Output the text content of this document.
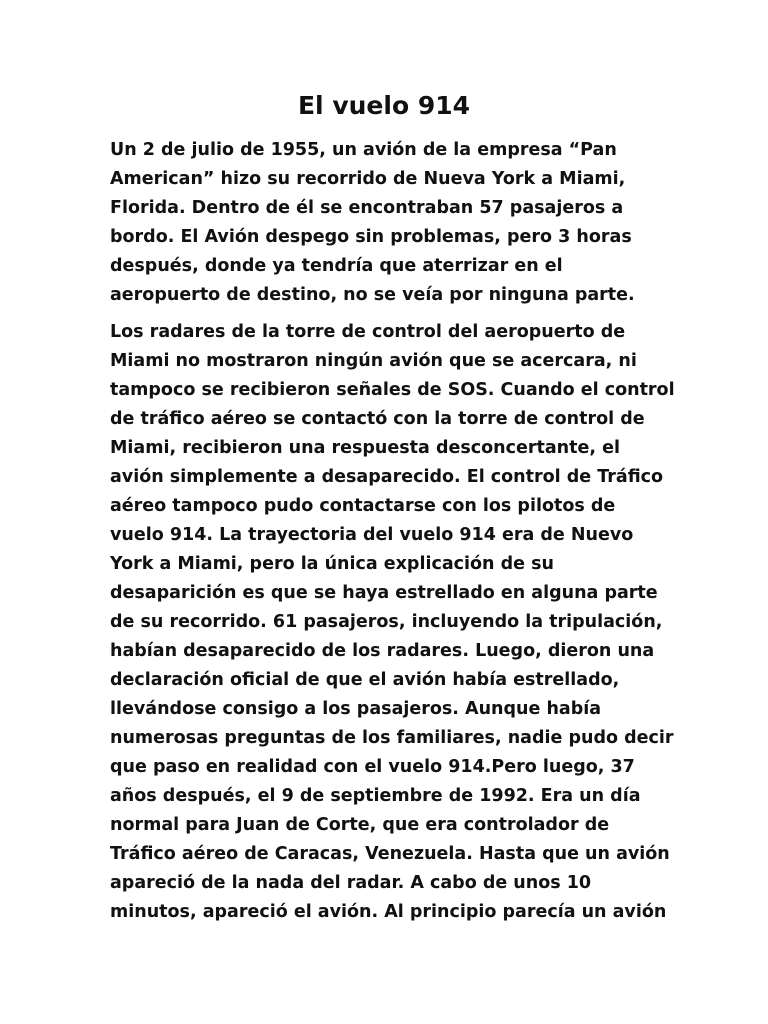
El vuelo 914

Un 2 de julio de 1955, un avión de la empresa “Pan
American” hizo su recorrido de Nueva York a Miami,
Florida. Dentro de él se encontraban 57 pasajeros a
bordo. El Avión despego sin problemas, pero 3 horas
después, donde ya tendría que aterrizar en el
aeropuerto de destino, no se veía por ninguna parte.

Los radares de la torre de control del aeropuerto de
Miami no mostraron ningún avión que se acercara, ni
tampoco se recibieron señales de SOS. Cuando el control
de tráfico aéreo se contactó con la torre de control de
Miami, recibieron una respuesta desconcertante, el
avión simplemente a desaparecido. El control de Tráfico
aéreo tampoco pudo contactarse con los pilotos de
vuelo 914. La trayectoria del vuelo 914 era de Nuevo
York a Miami, pero la única explicación de su
desaparición es que se haya estrellado en alguna parte
de su recorrido. 61 pasajeros, incluyendo la tripulación,
habían desaparecido de los radares. Luego, dieron una
declaración oficial de que el avión había estrellado,
llevándose consigo a los pasajeros. Aunque había
numerosas preguntas de los familiares, nadie pudo decir
que paso en realidad con el vuelo 914.Pero luego, 37
años después, el 9 de septiembre de 1992. Era un día
normal para Juan de Corte, que era controlador de
Tráfico aéreo de Caracas, Venezuela. Hasta que un avión
apareció de la nada del radar. A cabo de unos 10
minutos, apareció el avión. Al principio parecía un avión
